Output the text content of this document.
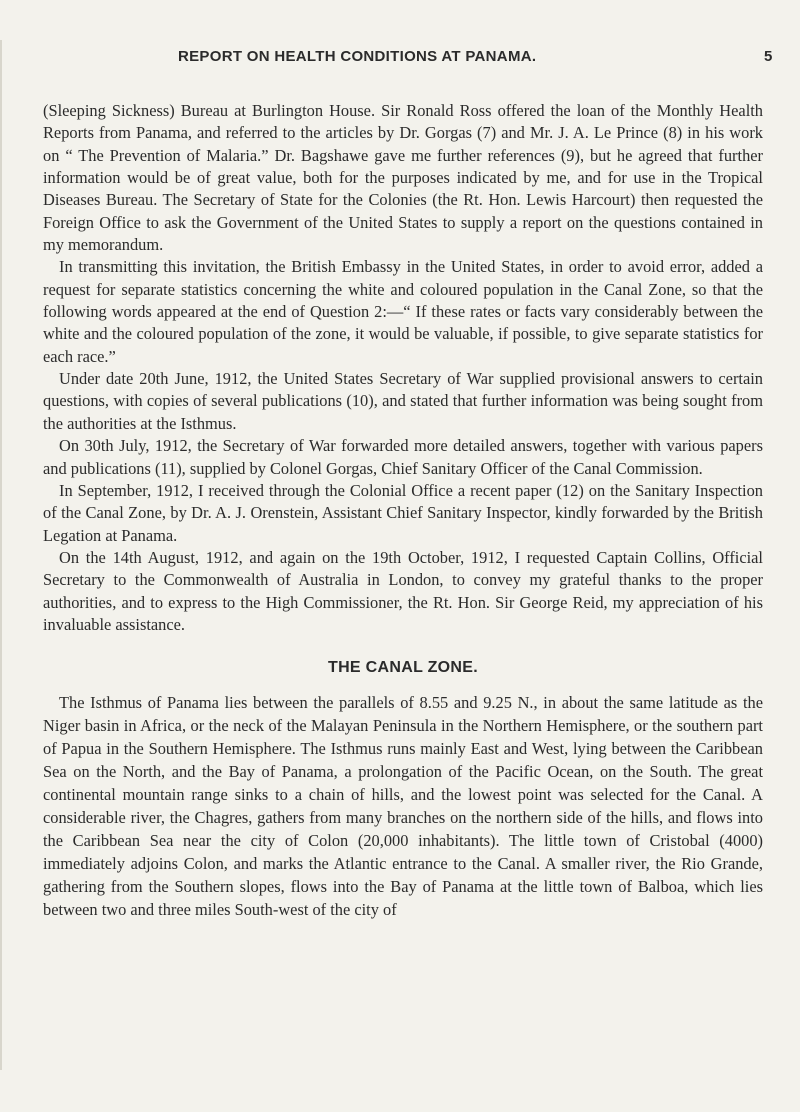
REPORT ON HEALTH CONDITIONS AT PANAMA.	5

(Sleeping Sickness) Bureau at Burlington House. Sir Ronald Ross offered the loan of the Monthly Health Reports from Panama, and referred to the articles by Dr. Gorgas (7) and Mr. J. A. Le Prince (8) in his work on “ The Prevention of Malaria.” Dr. Bagshawe gave me further references (9), but he agreed that further information would be of great value, both for the purposes indicated by me, and for use in the Tropical Diseases Bureau. The Secretary of State for the Colonies (the Rt. Hon. Lewis Harcourt) then requested the Foreign Office to ask the Government of the United States to supply a report on the questions contained in my memorandum.

In transmitting this invitation, the British Embassy in the United States, in order to avoid error, added a request for separate statistics concerning the white and coloured population in the Canal Zone, so that the following words appeared at the end of Question 2:—“ If these rates or facts vary considerably between the white and the coloured population of the zone, it would be valuable, if possible, to give separate statistics for each race.”

Under date 20th June, 1912, the United States Secretary of War supplied provisional answers to certain questions, with copies of several publications (10), and stated that further information was being sought from the authorities at the Isthmus.

On 30th July, 1912, the Secretary of War forwarded more detailed answers, together with various papers and publications (11), supplied by Colonel Gorgas, Chief Sanitary Officer of the Canal Commission.

In September, 1912, I received through the Colonial Office a recent paper (12) on the Sanitary Inspection of the Canal Zone, by Dr. A. J. Orenstein, Assistant Chief Sanitary Inspector, kindly forwarded by the British Legation at Panama.

On the 14th August, 1912, and again on the 19th October, 1912, I requested Captain Collins, Official Secretary to the Commonwealth of Australia in London, to convey my grateful thanks to the proper authorities, and to express to the High Commissioner, the Rt. Hon. Sir George Reid, my appreciation of his invaluable assistance.

THE CANAL ZONE.

The Isthmus of Panama lies between the parallels of 8.55 and 9.25 N., in about the same latitude as the Niger basin in Africa, or the neck of the Malayan Peninsula in the Northern Hemisphere, or the southern part of Papua in the Southern Hemisphere. The Isthmus runs mainly East and West, lying between the Caribbean Sea on the North, and the Bay of Panama, a prolongation of the Pacific Ocean, on the South. The great continental mountain range sinks to a chain of hills, and the lowest point was selected for the Canal. A considerable river, the Chagres, gathers from many branches on the northern side of the hills, and flows into the Caribbean Sea near the city of Colon (20,000 inhabitants). The little town of Cristobal (4000) immediately adjoins Colon, and marks the Atlantic entrance to the Canal. A smaller river, the Rio Grande, gathering from the Southern slopes, flows into the Bay of Panama at the little town of Balboa, which lies between two and three miles South-west of the city of
